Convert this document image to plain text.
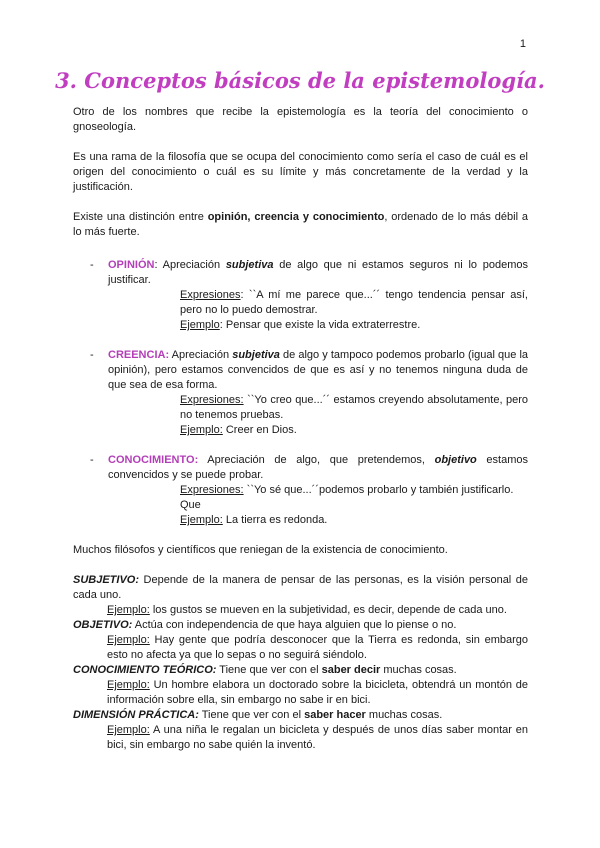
1
3. Conceptos básicos de la epistemología.

Otro de los nombres que recibe la epistemología es la teoría del conocimiento o gnoseología.

Es una rama de la filosofía que se ocupa del conocimiento como sería el caso de cuál es el origen del conocimiento o cuál es su límite y más concretamente de la verdad y la justificación.

Existe una distinción entre opinión, creencia y conocimiento, ordenado de lo más débil a lo más fuerte.

- OPINIÓN: Apreciación subjetiva de algo que ni estamos seguros ni lo podemos justificar.

Expresiones: ``A mí me parece que...´´ tengo tendencia pensar así, pero no lo puedo demostrar.

Ejemplo: Pensar que existe la vida extraterrestre.

- CREENCIA: Apreciación subjetiva de algo y tampoco podemos probarlo (igual que la opinión), pero estamos convencidos de que es así y no tenemos ninguna duda de que sea de esa forma.

Expresiones: ``Yo creo que...´´ estamos creyendo absolutamente, pero no tenemos pruebas.

Ejemplo: Creer en Dios.

- CONOCIMIENTO: Apreciación de algo, que pretendemos, objetivo estamos convencidos y se puede probar.

Expresiones: ``Yo sé que...´´podemos probarlo y también justificarlo. Que

Ejemplo: La tierra es redonda.

Muchos filósofos y científicos que reniegan de la existencia de conocimiento.

SUBJETIVO: Depende de la manera de pensar de las personas, es la visión personal de cada uno.

Ejemplo: los gustos se mueven en la subjetividad, es decir, depende de cada uno.

OBJETIVO: Actúa con independencia de que haya alguien que lo piense o no.

Ejemplo: Hay gente que podría desconocer que la Tierra es redonda, sin embargo esto no afecta ya que lo sepas o no seguirá siéndolo.

CONOCIMIENTO TEÓRICO: Tiene que ver con el saber decir muchas cosas.

Ejemplo: Un hombre elabora un doctorado sobre la bicicleta, obtendrá un montón de información sobre ella, sin embargo no sabe ir en bici.

DIMENSIÓN PRÁCTICA: Tiene que ver con el saber hacer muchas cosas.

Ejemplo: A una niña le regalan un bicicleta y después de unos días saber montar en bici, sin embargo no sabe quién la inventó.
